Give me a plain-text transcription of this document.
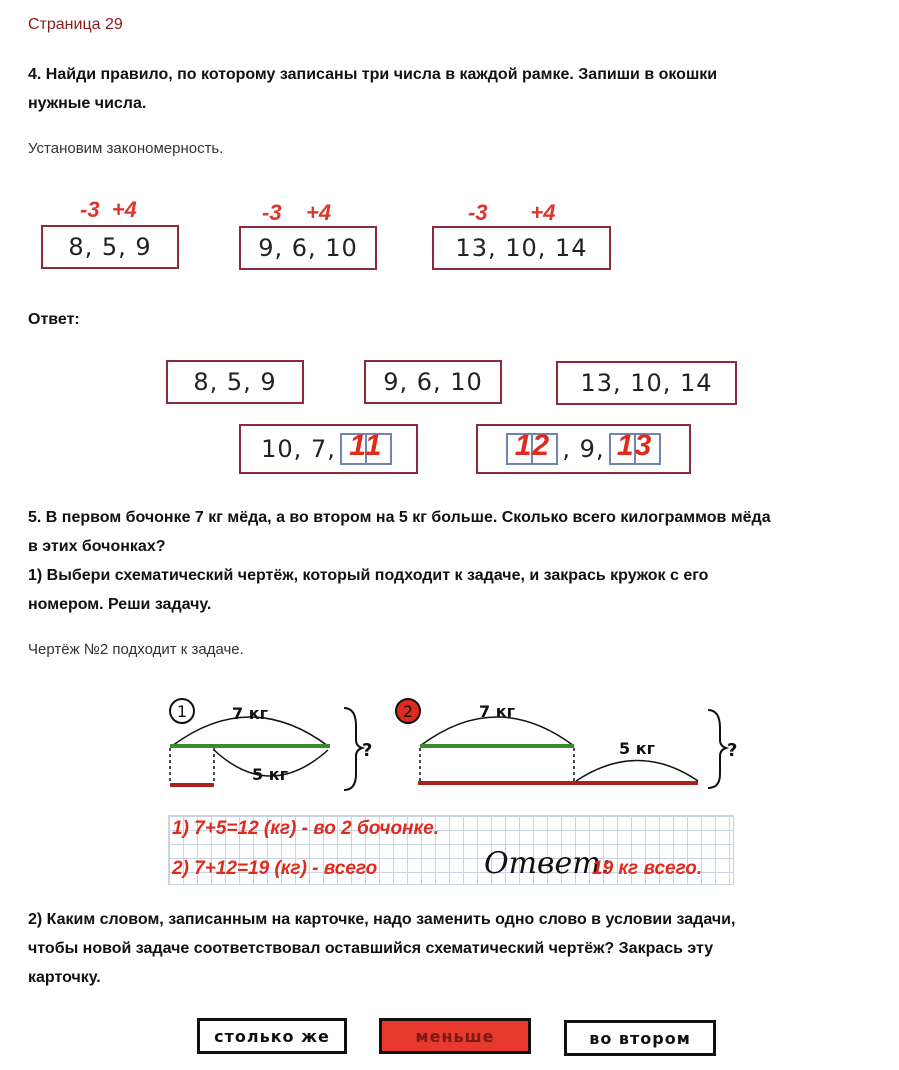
Страница 29
4. Найди правило, по которому записаны три числа в каждой рамке. Запиши в окошки
нужные числа.
Установим закономерность.
-3  +4
8, 5, 9
-3    +4
9, 6, 10
-3       +4
13, 10, 14
Ответ:
8, 5, 9	9, 6, 10	13, 10, 14
10, 7, 11	12 , 9, 13
5. В первом бочонке 7 кг мёда, а во втором на 5 кг больше. Сколько всего килограммов мёда
в этих бочонках?
1) Выбери схематический чертёж, который подходит к задаче, и закрась кружок с его
номером. Реши задачу.
Чертёж №2 подходит к задаче.
1	7 кг
5 кг
?
2	7 кг
5 кг	?
1) 7+5=12 (кг) - во 2 бочонке.
2) 7+12=19 (кг) - всего	Ответ:
19 кг всего.
2) Каким словом, записанным на карточке, надо заменить одно слово в условии задачи,
чтобы новой задаче соответствовал оставшийся схематический чертёж? Закрась эту
карточку.
столько же	меньше	во втором
